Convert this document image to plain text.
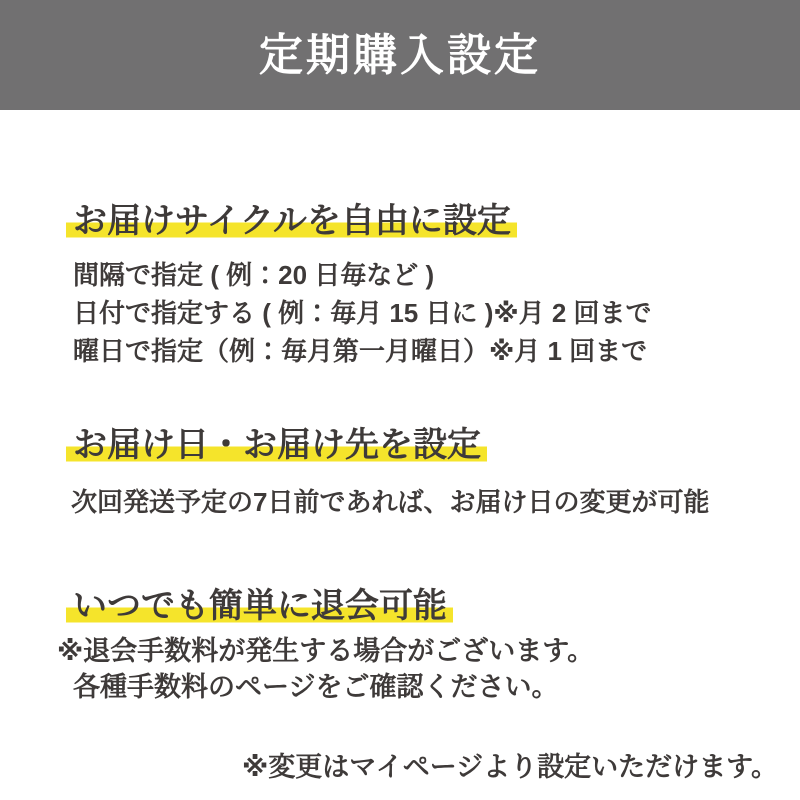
定期購入設定
お届けサイクルを自由に設定

間隔で指定 ( 例：20 日毎など )

日付で指定する ( 例：毎月 15 日に )※月 2 回まで

曜日で指定（例：毎月第一月曜日）※月 1 回まで

お届け日・お届け先を設定

次回発送予定の7日前であれば、お届け日の変更が可能

いつでも簡単に退会可能

※退会手数料が発生する場合がございます。

各種手数料のページをご確認ください。

※変更はマイページより設定いただけます。
